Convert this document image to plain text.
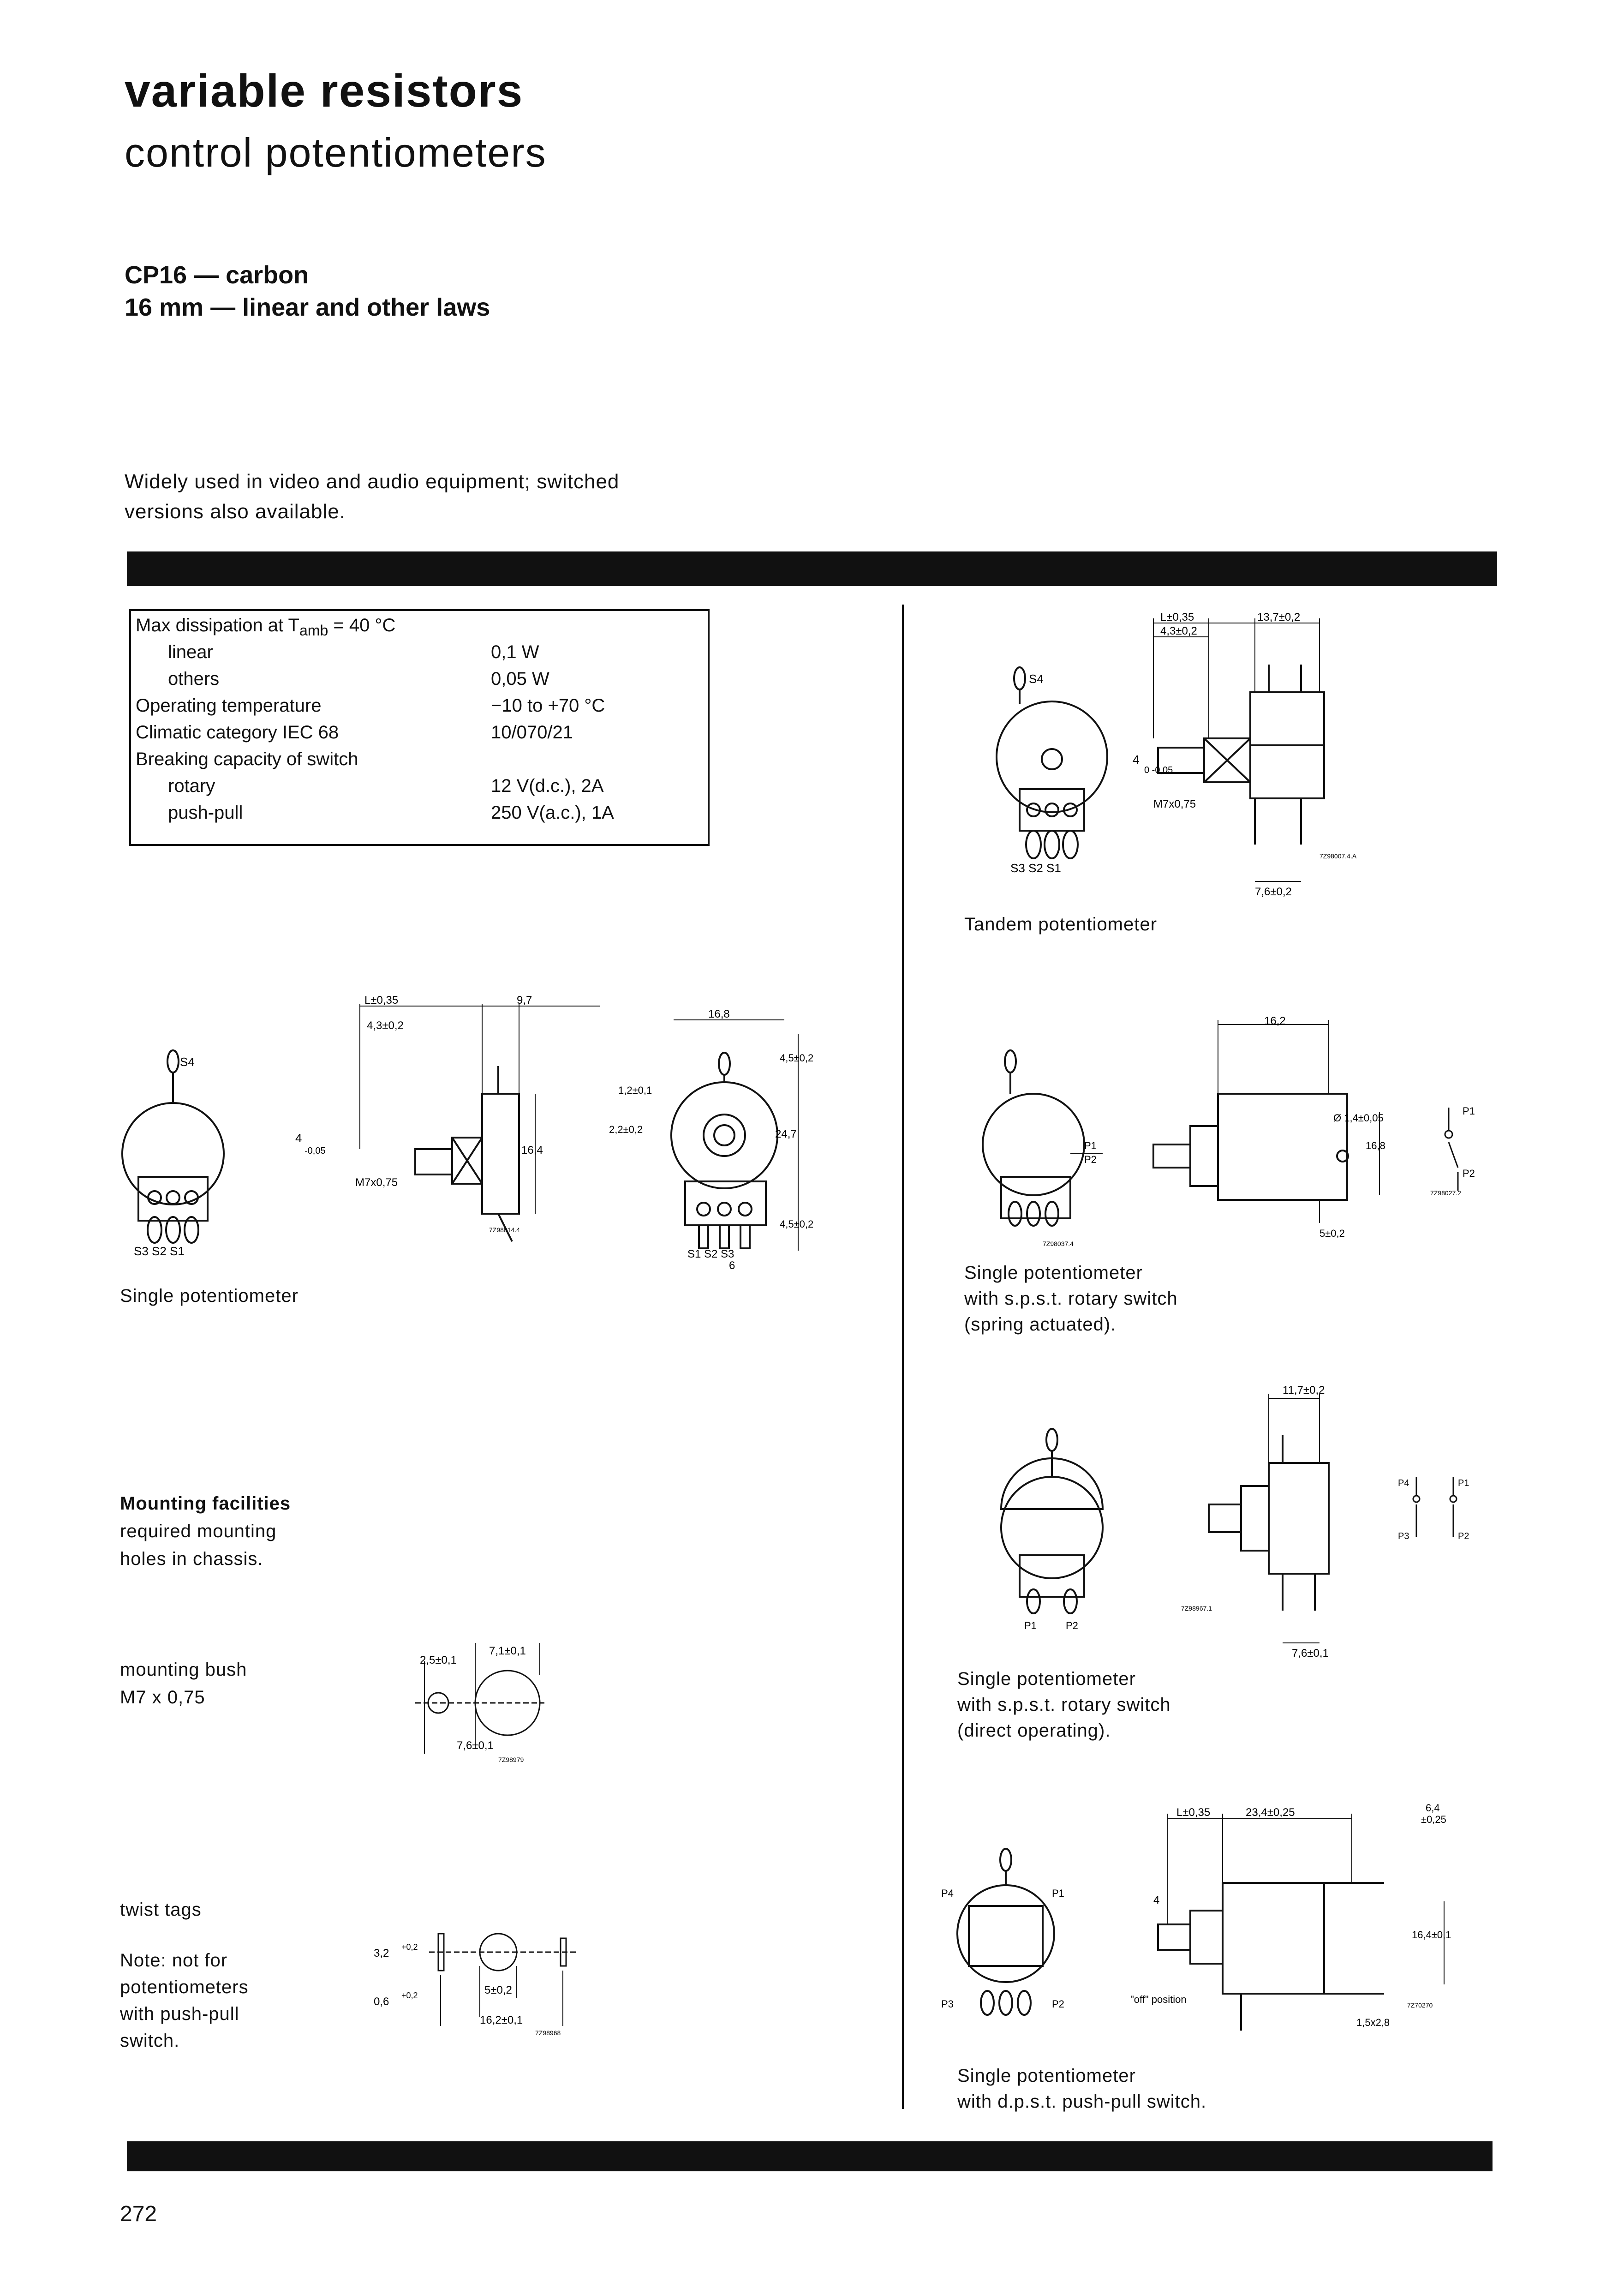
variable resistors
control potentiometers
CP16 — carbon
16 mm — linear and other laws
Widely used in video and audio equipment; switched
versions also available.
Max dissipation at $T_{amb} = 40$ °C
linear	0,1 W
others	0,05 W
Operating temperature	−10 to +70 °C
Climatic category IEC 68	10/070/21
Breaking capacity of switch
rotary	12 V(d.c.), 2A
push-pull	250 V(a.c.), 1A
S4
S3 S2 S1
L±0,35	13,7±0,2
4,3±0,2
4
0 -0,05
M7x0,75
7,6±0,2
7Z98007.4.A
Tandem potentiometer
S4
S3 S2 S1
L±0,35	9,7
4,3±0,2
4
-0,05
M7x0,75
16,4
16,8
1,2±0,1
2,2±0,2
4,5±0,2
24,7
4,5±0,2
6
S1 S2 S3
7Z98014.4
Single potentiometer
16,2
Ø 1,4±0,05
16,8
5±0,2
P1
P2
7Z98037.4
P1
P2
7Z98027.2
Single potentiometer
with s.p.s.t. rotary switch
(spring actuated).
11,7±0,2
7,6±0,1
P1	P2
7Z98967.1
P4	P1
P3	P2
Single potentiometer
with s.p.s.t. rotary switch
(direct operating).
L±0,35	23,4±0,25	6,4
±0,25
4
"off" position
16,4±0,1
1,5x2,8
7Z70270
P4	P1
P3	P2
Single potentiometer
with d.p.s.t. push-pull switch.
Mounting facilities
required mounting
holes in chassis.
mounting bush
M7 x 0,75
2,5±0,1
7,1±0,1
7,6±0,1
7Z98979
twist tags
Note: not for
potentiometers
with push-pull
switch.
3,2 +0,2
0,6 +0,2	5±0,2
16,2±0,1
7Z98968
272
